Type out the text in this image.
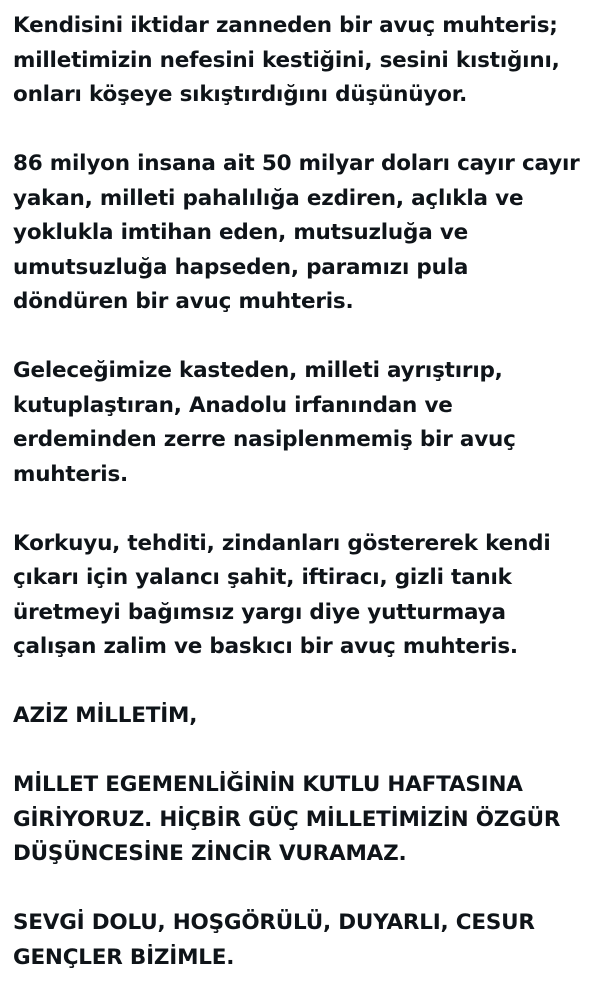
Kendisini iktidar zanneden bir avuç muhteris;
milletimizin nefesini kestiğini, sesini kıstığını,
onları köşeye sıkıştırdığını düşünüyor.

86 milyon insana ait 50 milyar doları cayır cayır
yakan, milleti pahalılığa ezdiren, açlıkla ve
yoklukla imtihan eden, mutsuzluğa ve
umutsuzluğa hapseden, paramızı pula
döndüren bir avuç muhteris.

Geleceğimize kasteden, milleti ayrıştırıp,
kutuplaştıran, Anadolu irfanından ve
erdeminden zerre nasiplenmemiş bir avuç
muhteris.

Korkuyu, tehditi, zindanları göstererek kendi
çıkarı için yalancı şahit, iftiracı, gizli tanık
üretmeyi bağımsız yargı diye yutturmaya
çalışan zalim ve baskıcı bir avuç muhteris.

AZİZ MİLLETİM,

MİLLET EGEMENLİĞİNİN KUTLU HAFTASINA
GİRİYORUZ. HİÇBİR GÜÇ MİLLETİMİZİN ÖZGÜR
DÜŞÜNCESİNE ZİNCİR VURAMAZ.

SEVGİ DOLU, HOŞGÖRÜLÜ, DUYARLI, CESUR
GENÇLER BİZİMLE.
